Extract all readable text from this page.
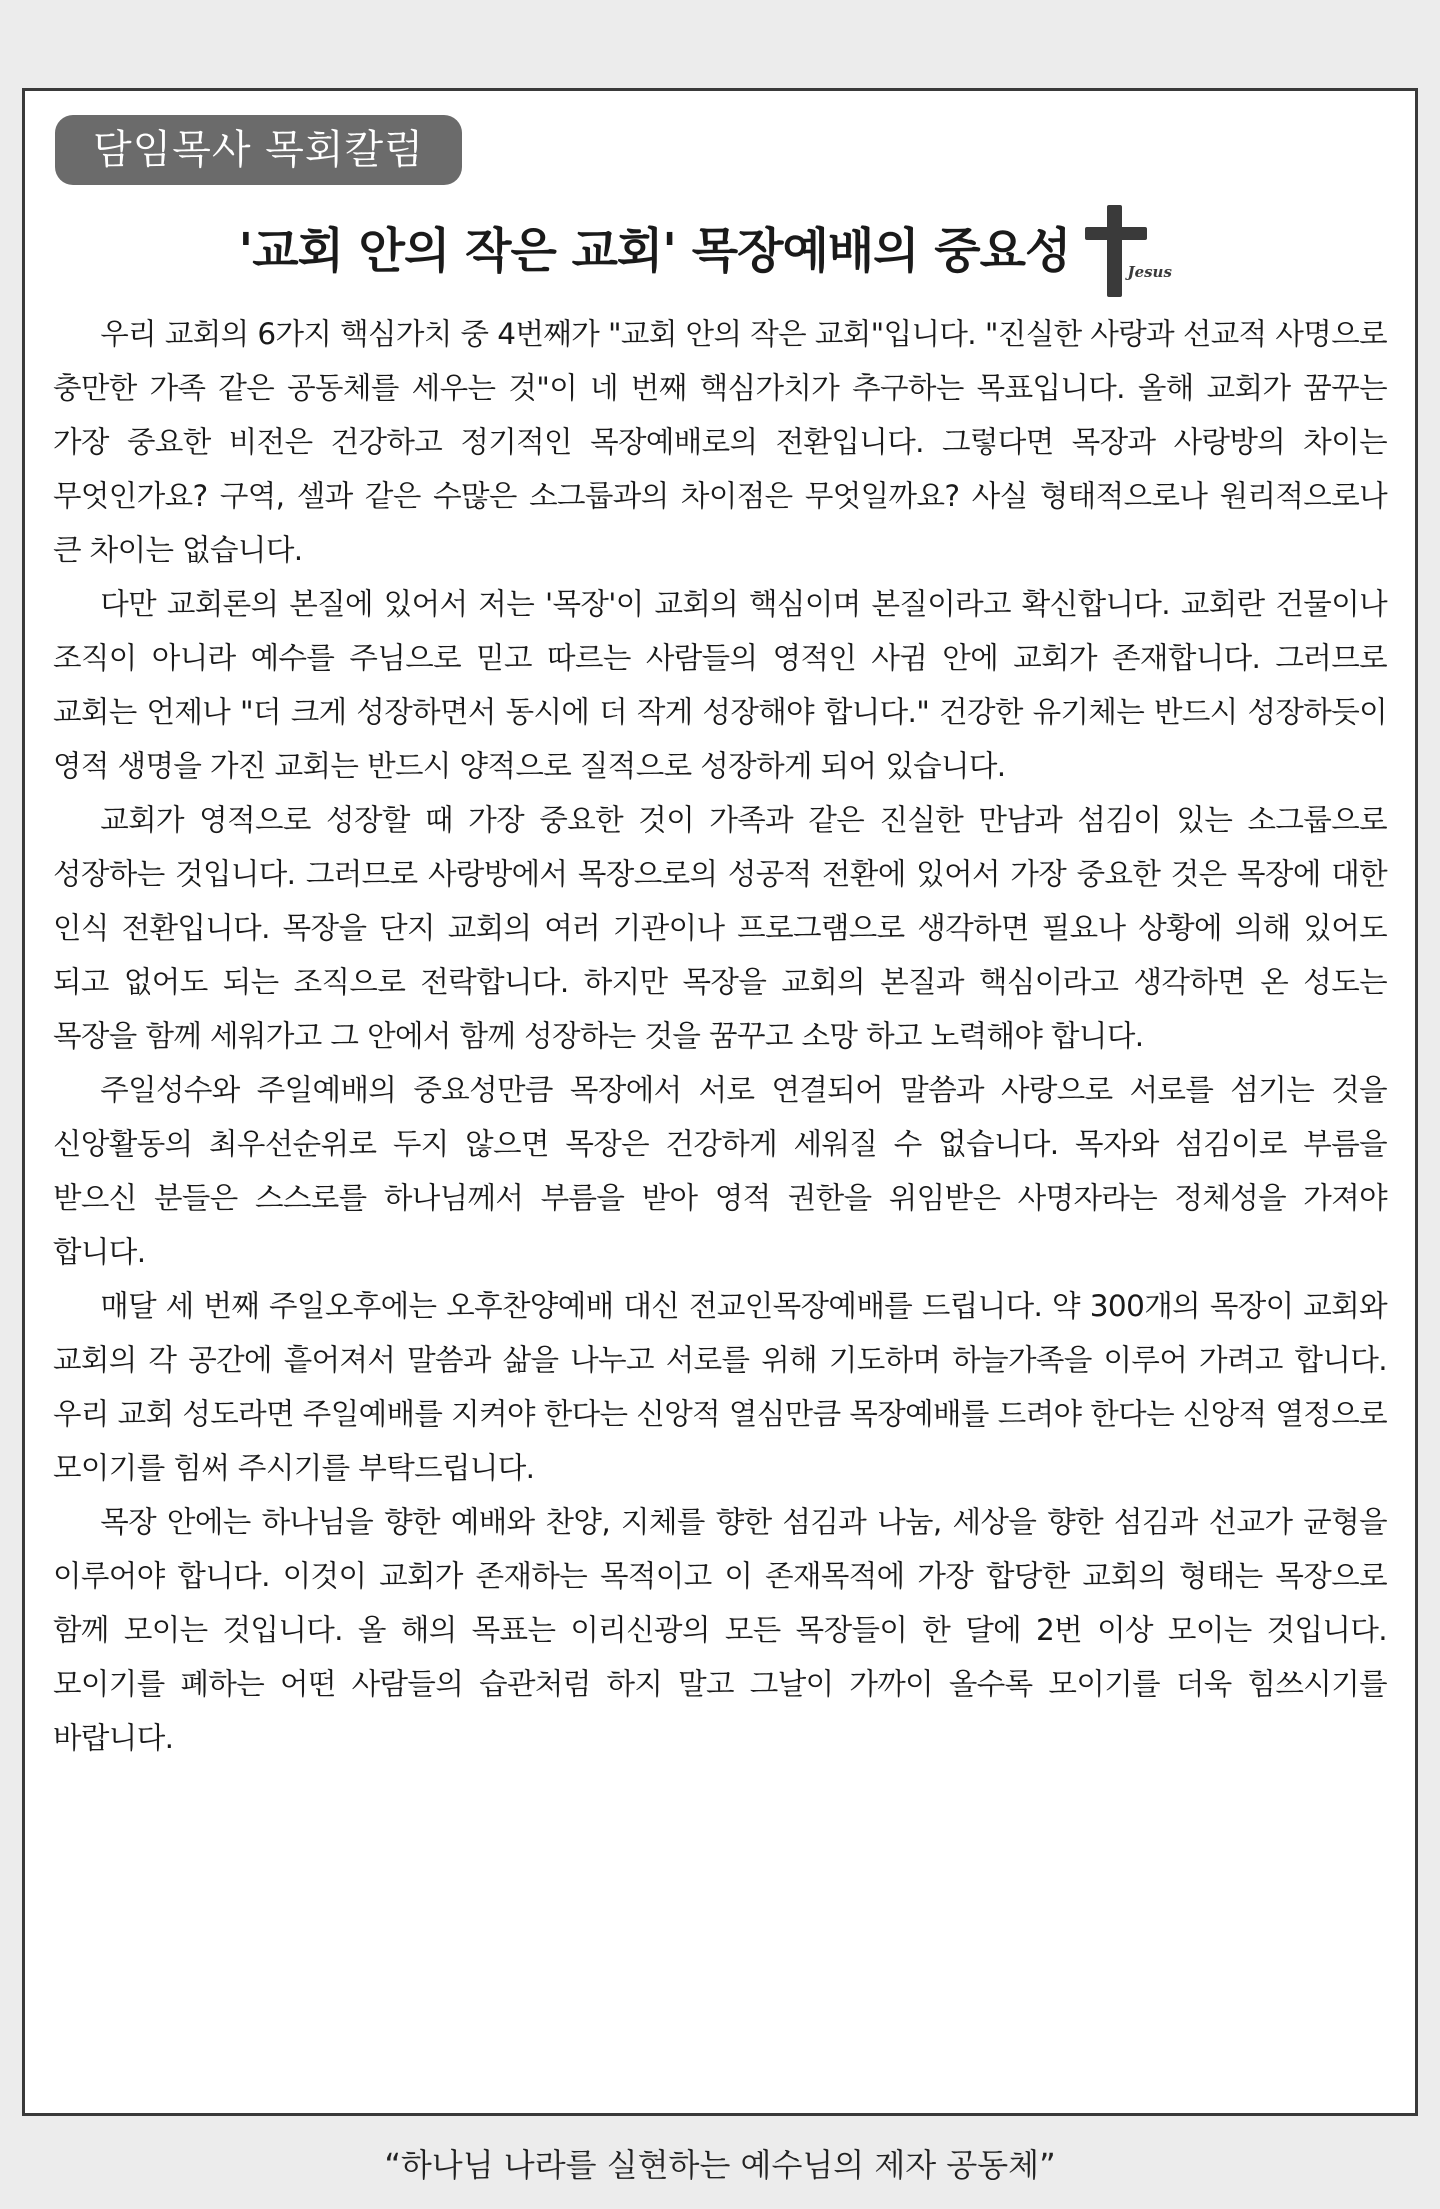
담임목사 목회칼럼
'교회 안의 작은 교회' 목장예배의 중요성	Jesus

우리 교회의 6가지 핵심가치 중 4번째가 "교회 안의 작은 교회"입니다. "진실한 사랑과 선교적 사명으로 충만한 가족 같은 공동체를 세우는 것"이 네 번째 핵심가치가 추구하는 목표입니다. 올해 교회가 꿈꾸는 가장 중요한 비전은 건강하고 정기적인 목장예배로의 전환입니다. 그렇다면 목장과 사랑방의 차이는 무엇인가요? 구역, 셀과 같은 수많은 소그룹과의 차이점은 무엇일까요? 사실 형태적으로나 원리적으로나 큰 차이는 없습니다.

다만 교회론의 본질에 있어서 저는 '목장'이 교회의 핵심이며 본질이라고 확신합니다. 교회란 건물이나 조직이 아니라 예수를 주님으로 믿고 따르는 사람들의 영적인 사귐 안에 교회가 존재합니다. 그러므로 교회는 언제나 "더 크게 성장하면서 동시에 더 작게 성장해야 합니다." 건강한 유기체는 반드시 성장하듯이 영적 생명을 가진 교회는 반드시 양적으로 질적으로 성장하게 되어 있습니다.

교회가 영적으로 성장할 때 가장 중요한 것이 가족과 같은 진실한 만남과 섬김이 있는 소그룹으로 성장하는 것입니다. 그러므로 사랑방에서 목장으로의 성공적 전환에 있어서 가장 중요한 것은 목장에 대한 인식 전환입니다. 목장을 단지 교회의 여러 기관이나 프로그램으로 생각하면 필요나 상황에 의해 있어도 되고 없어도 되는 조직으로 전락합니다. 하지만 목장을 교회의 본질과 핵심이라고 생각하면 온 성도는 목장을 함께 세워가고 그 안에서 함께 성장하는 것을 꿈꾸고 소망 하고 노력해야 합니다.

주일성수와 주일예배의 중요성만큼 목장에서 서로 연결되어 말씀과 사랑으로 서로를 섬기는 것을 신앙활동의 최우선순위로 두지 않으면 목장은 건강하게 세워질 수 없습니다. 목자와 섬김이로 부름을 받으신 분들은 스스로를 하나님께서 부름을 받아 영적 권한을 위임받은 사명자라는 정체성을 가져야 합니다.

매달 세 번째 주일오후에는 오후찬양예배 대신 전교인목장예배를 드립니다. 약 300개의 목장이 교회와 교회의 각 공간에 흩어져서 말씀과 삶을 나누고 서로를 위해 기도하며 하늘가족을 이루어 가려고 합니다. 우리 교회 성도라면 주일예배를 지켜야 한다는 신앙적 열심만큼 목장예배를 드려야 한다는 신앙적 열정으로 모이기를 힘써 주시기를 부탁드립니다.

목장 안에는 하나님을 향한 예배와 찬양, 지체를 향한 섬김과 나눔, 세상을 향한 섬김과 선교가 균형을 이루어야 합니다. 이것이 교회가 존재하는 목적이고 이 존재목적에 가장 합당한 교회의 형태는 목장으로 함께 모이는 것입니다. 올 해의 목표는 이리신광의 모든 목장들이 한 달에 2번 이상 모이는 것입니다. 모이기를 폐하는 어떤 사람들의 습관처럼 하지 말고 그날이 가까이 올수록 모이기를 더욱 힘쓰시기를 바랍니다.

“하나님 나라를 실현하는 예수님의 제자 공동체”
